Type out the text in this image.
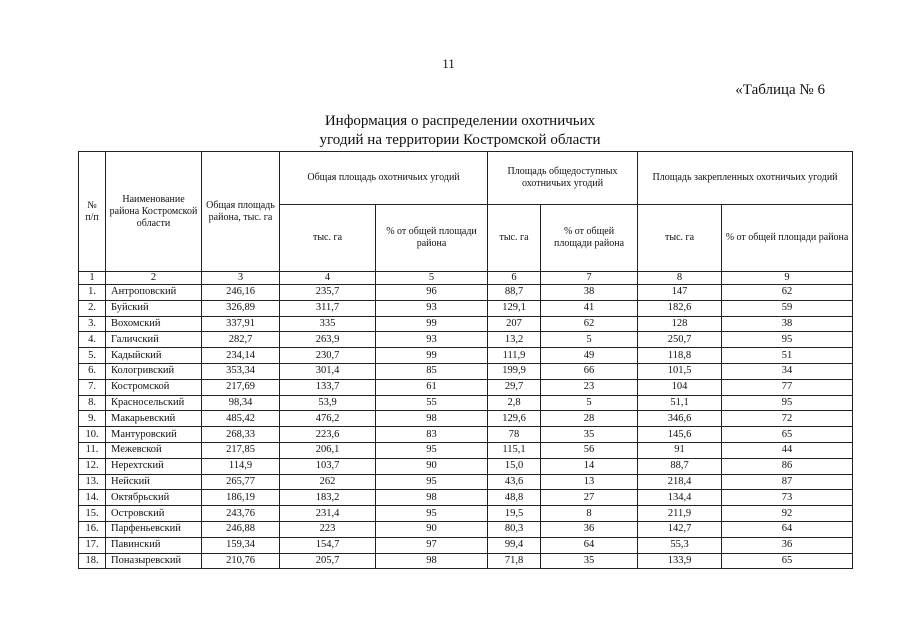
11
«Таблица № 6
Информация о распределении охотничьих
угодий на территории Костромской области
№ п/п	Наименование района Костромской области	Общая площадь района, тыс. га	Общая площадь охотничьих угодий		Площадь общедоступных охотничьих угодий		Площадь закрепленных охотничьих угодий	
			тыс. га	% от общей площади района	тыс. га	% от общей площади района	тыс. га	% от общей площади района
1	2	3	4	5	6	7	8	9
1.	Антроповский	246,16	235,7	96	88,7	38	147	62
2.	Буйский	326,89	311,7	93	129,1	41	182,6	59
3.	Вохомский	337,91	335	99	207	62	128	38
4.	Галичский	282,7	263,9	93	13,2	5	250,7	95
5.	Кадыйский	234,14	230,7	99	111,9	49	118,8	51
6.	Кологривский	353,34	301,4	85	199,9	66	101,5	34
7.	Костромской	217,69	133,7	61	29,7	23	104	77
8.	Красносельский	98,34	53,9	55	2,8	5	51,1	95
9.	Макарьевский	485,42	476,2	98	129,6	28	346,6	72
10.	Мантуровский	268,33	223,6	83	78	35	145,6	65
11.	Межевской	217,85	206,1	95	115,1	56	91	44
12.	Нерехтский	114,9	103,7	90	15,0	14	88,7	86
13.	Нейский	265,77	262	95	43,6	13	218,4	87
14.	Октябрьский	186,19	183,2	98	48,8	27	134,4	73
15.	Островский	243,76	231,4	95	19,5	8	211,9	92
16.	Парфеньевский	246,88	223	90	80,3	36	142,7	64
17.	Павинский	159,34	154,7	97	99,4	64	55,3	36
18.	Поназыревский	210,76	205,7	98	71,8	35	133,9	65
